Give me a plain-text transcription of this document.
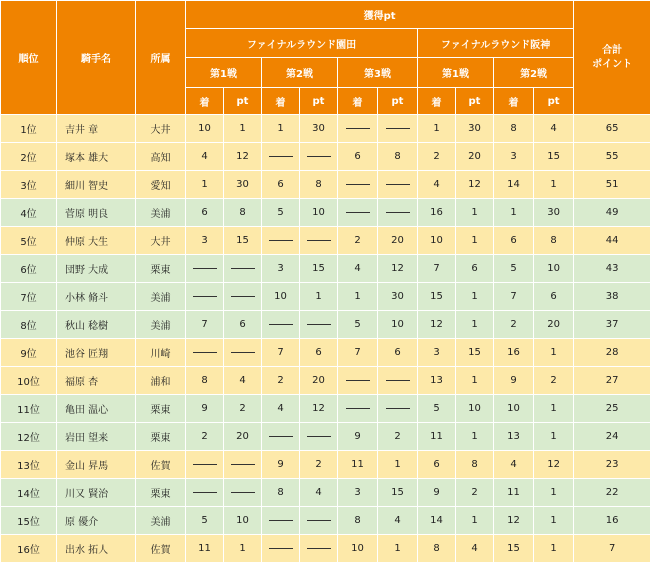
順位	騎手名	所属	獲得pt										合計
ポイント
			ファイナルラウンド園田						ファイナルラウンド阪神				
			第1戦		第2戦		第3戦		第1戦		第2戦		
			着	pt	着	pt	着	pt	着	pt	着	pt	
1位	吉井 章	大井	10	1	1	30			1	30	8	4	65
2位	塚本 雄大	高知	4	12			6	8	2	20	3	15	55
3位	細川 智史	愛知	1	30	6	8			4	12	14	1	51
4位	菅原 明良	美浦	6	8	5	10			16	1	1	30	49
5位	仲原 大生	大井	3	15			2	20	10	1	6	8	44
6位	団野 大成	栗東			3	15	4	12	7	6	5	10	43
7位	小林 脩斗	美浦			10	1	1	30	15	1	7	6	38
8位	秋山 稔樹	美浦	7	6			5	10	12	1	2	20	37
9位	池谷 匠翔	川崎			7	6	7	6	3	15	16	1	28
10位	福原 杏	浦和	8	4	2	20			13	1	9	2	27
11位	亀田 温心	栗東	9	2	4	12			5	10	10	1	25
12位	岩田 望来	栗東	2	20			9	2	11	1	13	1	24
13位	金山 昇馬	佐賀			9	2	11	1	6	8	4	12	23
14位	川又 賢治	栗東			8	4	3	15	9	2	11	1	22
15位	原 優介	美浦	5	10			8	4	14	1	12	1	16
16位	出水 拓人	佐賀	11	1			10	1	8	4	15	1	7
